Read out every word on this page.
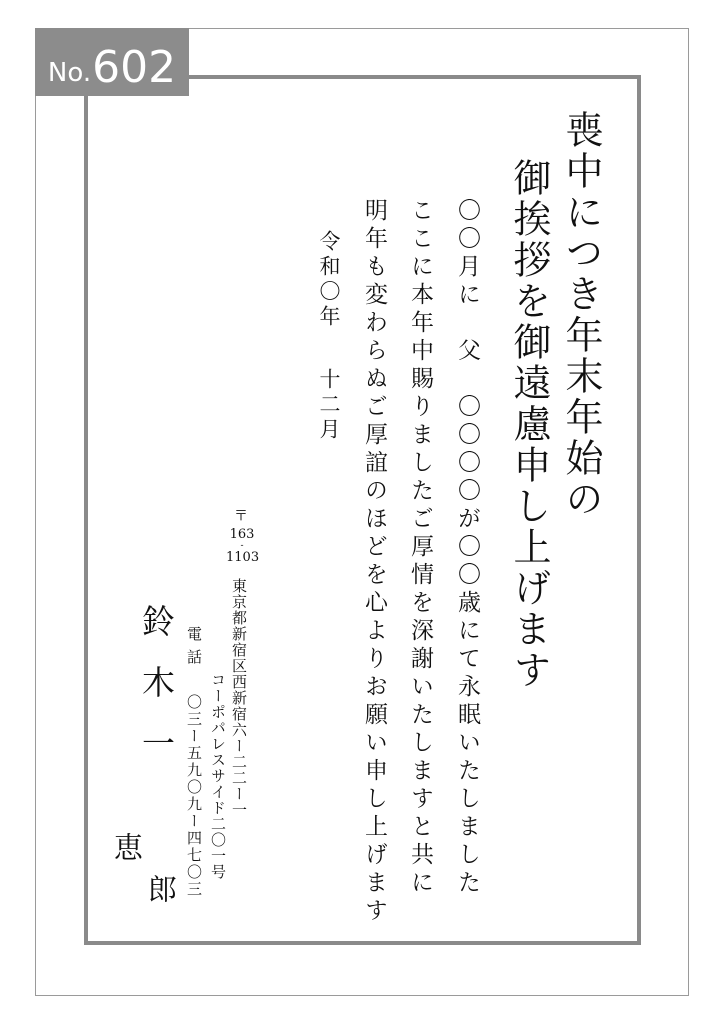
No. 602

喪中につき年末年始の

御挨拶を御遠慮申し上げます

〇〇月に　父　〇〇〇〇が〇〇歳にて永眠いたしました

ここに本年中賜りましたご厚情を深謝いたしますと共に

明年も変わらぬご厚誼のほどを心よりお願い申し上げます

令和〇年

十二月

〒

163
-
1103

東京都新宿区西新宿六ー二二ー一

コーポパレスサイド二〇一号

電話

〇三ー五九〇九ー四七〇三

鈴木一

恵

郎
